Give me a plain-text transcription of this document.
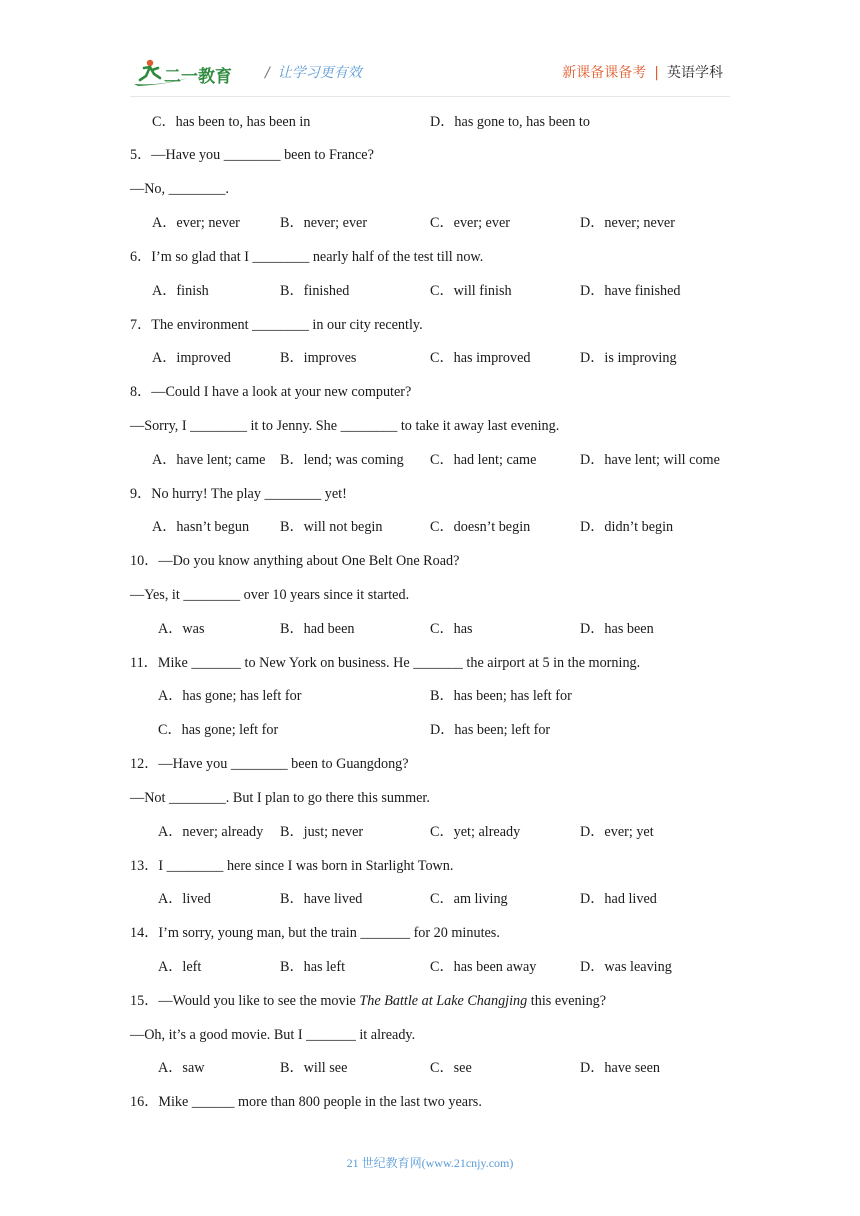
二一教育 / 让学习更有效	新课备课备考 | 英语学科
C．has been to, has been in	D．has gone to, has been to
5．—Have you ________ been to France?
—No, ________.
A．ever; never	B．never; ever	C．ever; ever	D．never; never
6．I’m so glad that I ________ nearly half of the test till now.
A．finish	B．finished	C．will finish	D．have finished
7．The environment ________ in our city recently.
A．improved	B．improves	C．has improved	D．is improving
8．—Could I have a look at your new computer?
—Sorry, I ________ it to Jenny. She ________ to take it away last evening.
A．have lent; came B．lend; was coming C．had lent; came	D．have lent; will come
9．No hurry! The play ________ yet!
A．hasn’t begun B．will not begin	C．doesn’t begin	D．didn’t begin
10．—Do you know anything about One Belt One Road?
—Yes, it ________ over 10 years since it started.
A．was	B．had been	C．has	D．has been
11．Mike _______ to New York on business. He _______ the airport at 5 in the morning.
A．has gone; has left for	B．has been; has left for
C．has gone; left for	D．has been; left for
12．—Have you ________ been to Guangdong?
—Not ________. But I plan to go there this summer.
A．never; already B．just; never	C．yet; already	D．ever; yet
13．I ________ here since I was born in Starlight Town.
A．lived	B．have lived	C．am living	D．had lived
14．I’m sorry, young man, but the train _______ for 20 minutes.
A．left	B．has left	C．has been away	D．was leaving
15．—Would you like to see the movie The Battle at Lake Changjing this evening?
—Oh, it’s a good movie. But I _______ it already.
A．saw	B．will see	C．see	D．have seen
16．Mike ______ more than 800 people in the last two years.
21 世纪教育网(www.21cnjy.com)
